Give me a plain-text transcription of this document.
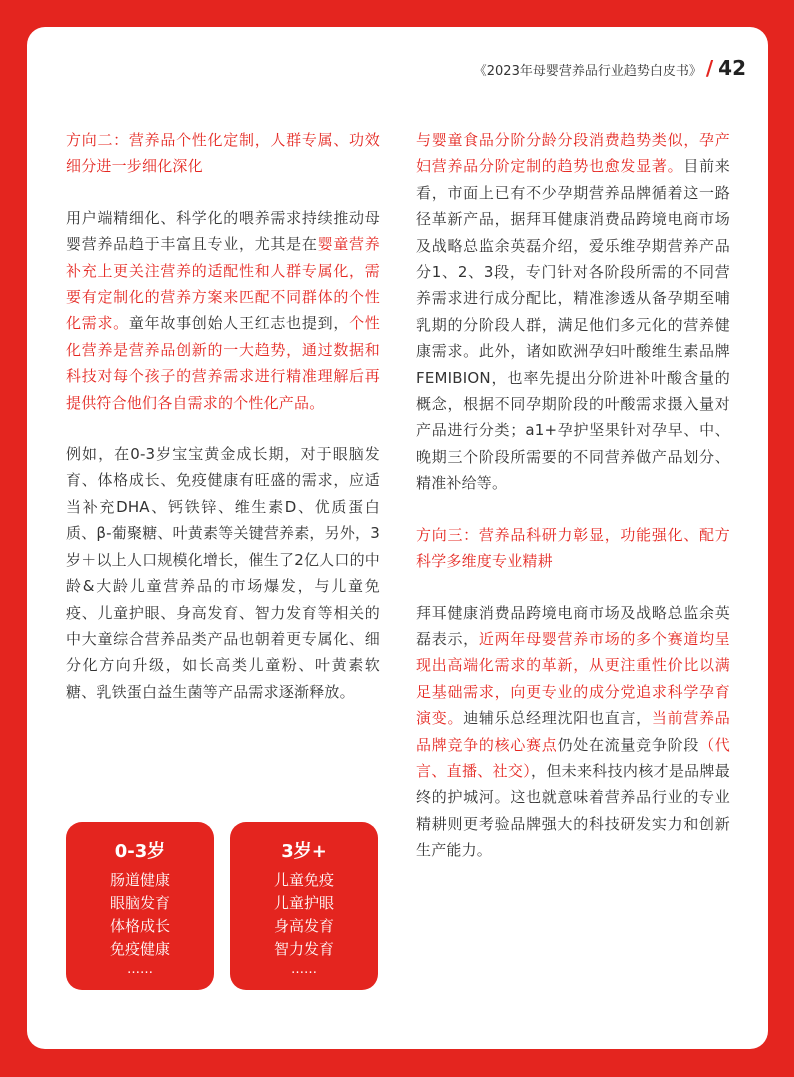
《2023年母婴营养品行业趋势白皮书》 / 42
方向二：营养品个性化定制，人群专属、功效细分进一步细化深化

用户端精细化、科学化的喂养需求持续推动母婴营养品趋于丰富且专业，尤其是在婴童营养补充上更关注营养的适配性和人群专属化，需要有定制化的营养方案来匹配不同群体的个性化需求。童年故事创始人王红志也提到，个性化营养是营养品创新的一大趋势，通过数据和科技对每个孩子的营养需求进行精准理解后再提供符合他们各自需求的个性化产品。

例如，在0-3岁宝宝黄金成长期，对于眼脑发育、体格成长、免疫健康有旺盛的需求，应适当补充DHA、钙铁锌、维生素D、优质蛋白质、β-葡聚糖、叶黄素等关键营养素，另外，3岁＋以上人口规模化增长，催生了2亿人口的中龄&大龄儿童营养品的市场爆发，与儿童免疫、儿童护眼、身高发育、智力发育等相关的中大童综合营养品类产品也朝着更专属化、细分化方向升级，如长高类儿童粉、叶黄素软糖、乳铁蛋白益生菌等产品需求逐渐释放。

0-3岁
肠道健康
眼脑发育
体格成长
免疫健康
……
3岁+
儿童免疫
儿童护眼
身高发育
智力发育
……

与婴童食品分阶分龄分段消费趋势类似，孕产妇营养品分阶定制的趋势也愈发显著。目前来看，市面上已有不少孕期营养品牌循着这一路径革新产品，据拜耳健康消费品跨境电商市场及战略总监余英磊介绍，爱乐维孕期营养产品分1、2、3段，专门针对各阶段所需的不同营养需求进行成分配比，精准渗透从备孕期至哺乳期的分阶段人群，满足他们多元化的营养健康需求。此外，诸如欧洲孕妇叶酸维生素品牌FEMIBION，也率先提出分阶进补叶酸含量的概念，根据不同孕期阶段的叶酸需求摄入量对产品进行分类；a1+孕护坚果针对孕早、中、晚期三个阶段所需要的不同营养做产品划分、精准补给等。

方向三：营养品科研力彰显，功能强化、配方科学多维度专业精耕

拜耳健康消费品跨境电商市场及战略总监余英磊表示，近两年母婴营养市场的多个赛道均呈现出高端化需求的革新，从更注重性价比以满足基础需求，向更专业的成分党追求科学孕育演变。迪辅乐总经理沈阳也直言，当前营养品品牌竞争的核心赛点仍处在流量竞争阶段（代言、直播、社交），但未来科技内核才是品牌最终的护城河。这也就意味着营养品行业的专业精耕则更考验品牌强大的科技研发实力和创新生产能力。
